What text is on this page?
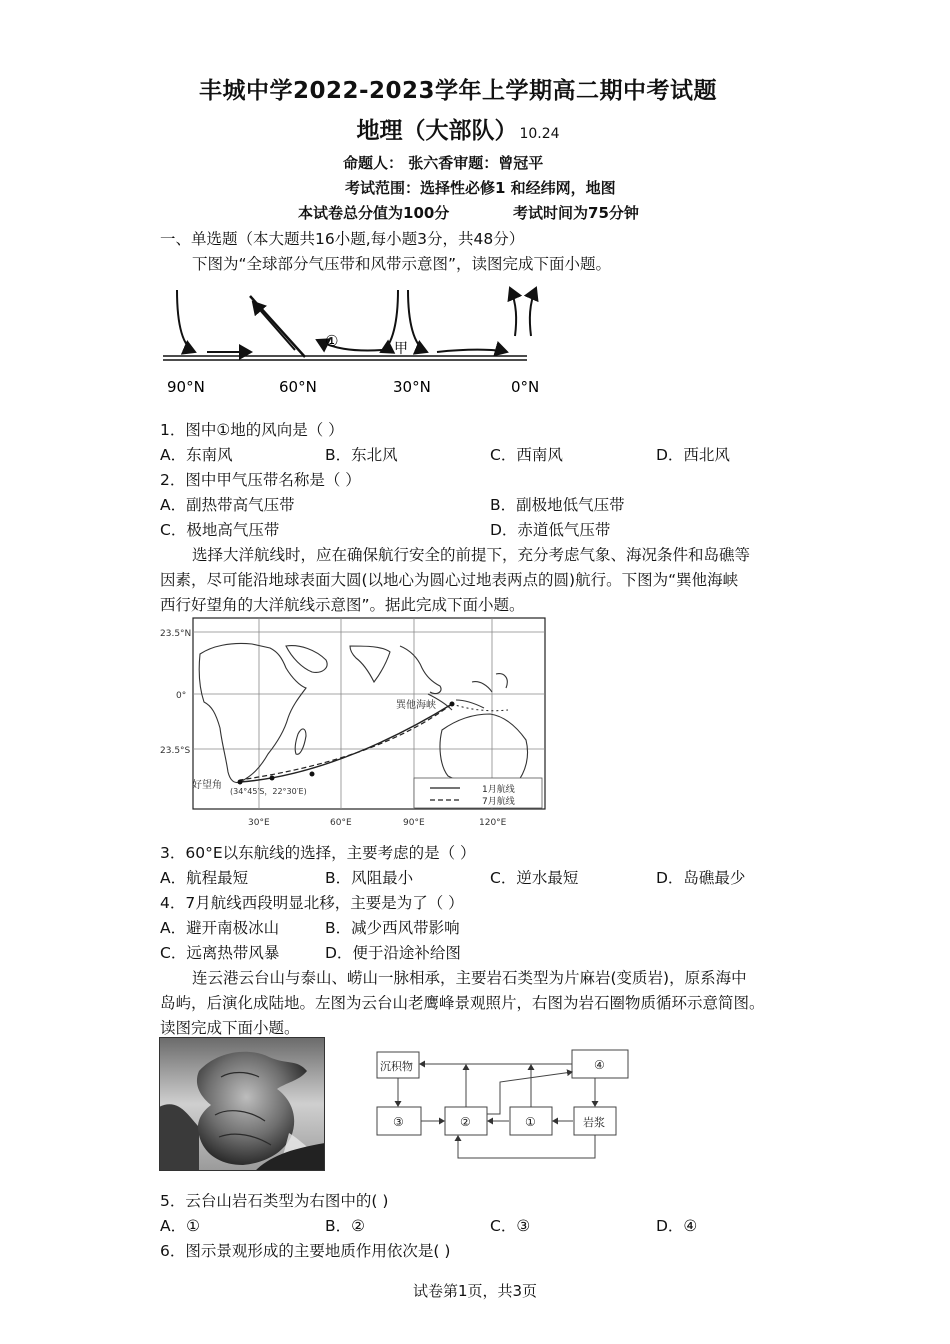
丰城中学2022-2023学年上学期高二期中考试题
地理（大部队） 10.24
命题人： 张六香审题：曾冠平
考试范围：选择性必修1 和经纬网，地图
本试卷总分值为100分	考试时间为75分钟
一、单选题（本大题共16小题,每小题3分，共48分）
下图为“全球部分气压带和风带示意图”，读图完成下面小题。
①	甲
90°N	60°N	30°N	0°N
1．图中①地的风向是（ ）
A．东南风	B．东北风	C．西南风	D．西北风
2．图中甲气压带名称是（ ）
A．副热带高气压带	B．副极地低气压带
C．极地高气压带	D．赤道低气压带
选择大洋航线时，应在确保航行安全的前提下，充分考虑气象、海况条件和岛礁等
因素，尽可能沿地球表面大圆(以地心为圆心过地表两点的圆)航行。下图为“巽他海峡
西行好望角的大洋航线示意图”。据此完成下面小题。
23.5°N
0°
23.5°S
30°E	60°E	90°E	120°E
巽他海峡
好望角
(34°45′S，22°30′E)	1月航线
7月航线
3．60°E以东航线的选择，主要考虑的是（ ）
A．航程最短	B．风阻最小	C．逆水最短	D．岛礁最少
4．7月航线西段明显北移，主要是为了（ ）
A．避开南极冰山	B．减少西风带影响
C．远离热带风暴	D．便于沿途补给图
连云港云台山与泰山、崂山一脉相承，主要岩石类型为片麻岩(变质岩)，原系海中
岛屿，后演化成陆地。左图为云台山老鹰峰景观照片，右图为岩石圈物质循环示意简图。
读图完成下面小题。
沉积物	④
③	②	①	岩浆
5．云台山岩石类型为右图中的( )
A．①	B．②	C．③	D．④
6．图示景观形成的主要地质作用依次是( )
试卷第1页，共3页
